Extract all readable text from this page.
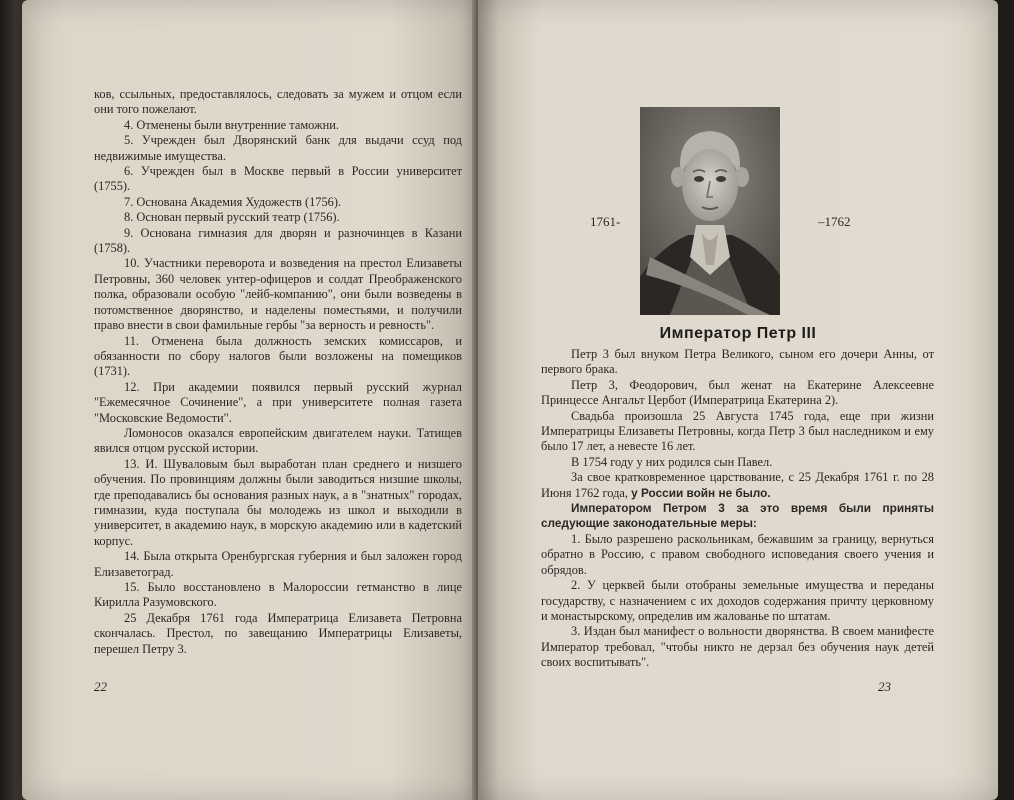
ков, ссыльных, предоставлялось, следовать за мужем и отцом если они того пожелают.

4. Отменены были внутренние таможни.

5. Учрежден был Дворянский банк для выдачи ссуд под недвижимые имущества.

6. Учрежден был в Москве первый в России университет (1755).

7. Основана Академия Художеств (1756).

8. Основан первый русский театр (1756).

9. Основана гимназия для дворян и разночинцев в Казани (1758).

10. Участники переворота и возведения на престол Елизаветы Петровны, 360 человек унтер-офицеров и солдат Преображенского полка, образовали особую "лейб-компанию", они были возведены в потомственное дворянство, и наделены поместьями, и получили право внести в свои фамильные гербы "за верность и ревность".

11. Отменена была должность земских комиссаров, и обязанности по сбору налогов были возложены на помещиков (1731).

12. При академии появился первый русский журнал "Ежемесячное Сочинение", а при университете полная газета "Московские Ведомости".

Ломоносов оказался европейским двигателем науки. Татищев явился отцом русской истории.

13. И. Шуваловым был выработан план среднего и низшего обучения. По провинциям должны были заводиться низшие школы, где преподавались бы основания разных наук, а в "знатных" городах, гимназии, куда поступала бы молодежь из школ и выходили в университет, в академию наук, в морскую академию или в кадетский корпус.

14. Была открыта Оренбургская губерния и был заложен город Елизаветоград.

15. Было восстановлено в Малороссии гетманство в лице Кирилла Разумовского.

25 Декабря 1761 года Императрица Елизавета Петровна скончалась. Престол, по завещанию Императрицы Елизаветы, перешел Петру 3.

22
1761-	–1762
Император Петр III

Петр 3 был внуком Петра Великого, сыном его дочери Анны, от первого брака.

Петр 3, Феодорович, был женат на Екатерине Алексеевне Принцессе Ангальт Цербот (Императрица Екатерина 2).

Свадьба произошла 25 Августа 1745 года, еще при жизни Императрицы Елизаветы Петровны, когда Петр 3 был наследником и ему было 17 лет, а невесте 16 лет.

В 1754 году у них родился сын Павел.

За свое кратковременное царствование, с 25 Декабря 1761 г. по 28 Июня 1762 года, у России войн не было.

Императором Петром 3 за это время были приняты следующие законодательные меры:

1. Было разрешено раскольникам, бежавшим за границу, вернуться обратно в Россию, с правом свободного исповедания своего учения и обрядов.

2. У церквей были отобраны земельные имущества и переданы государству, с назначением с их доходов содержания причту церковному и монастырскому, определив им жалованье по штатам.

3. Издан был манифест о вольности дворянства. В своем манифесте Император требовал, "чтобы никто не дерзал без обучения наук детей своих воспитывать".

23
